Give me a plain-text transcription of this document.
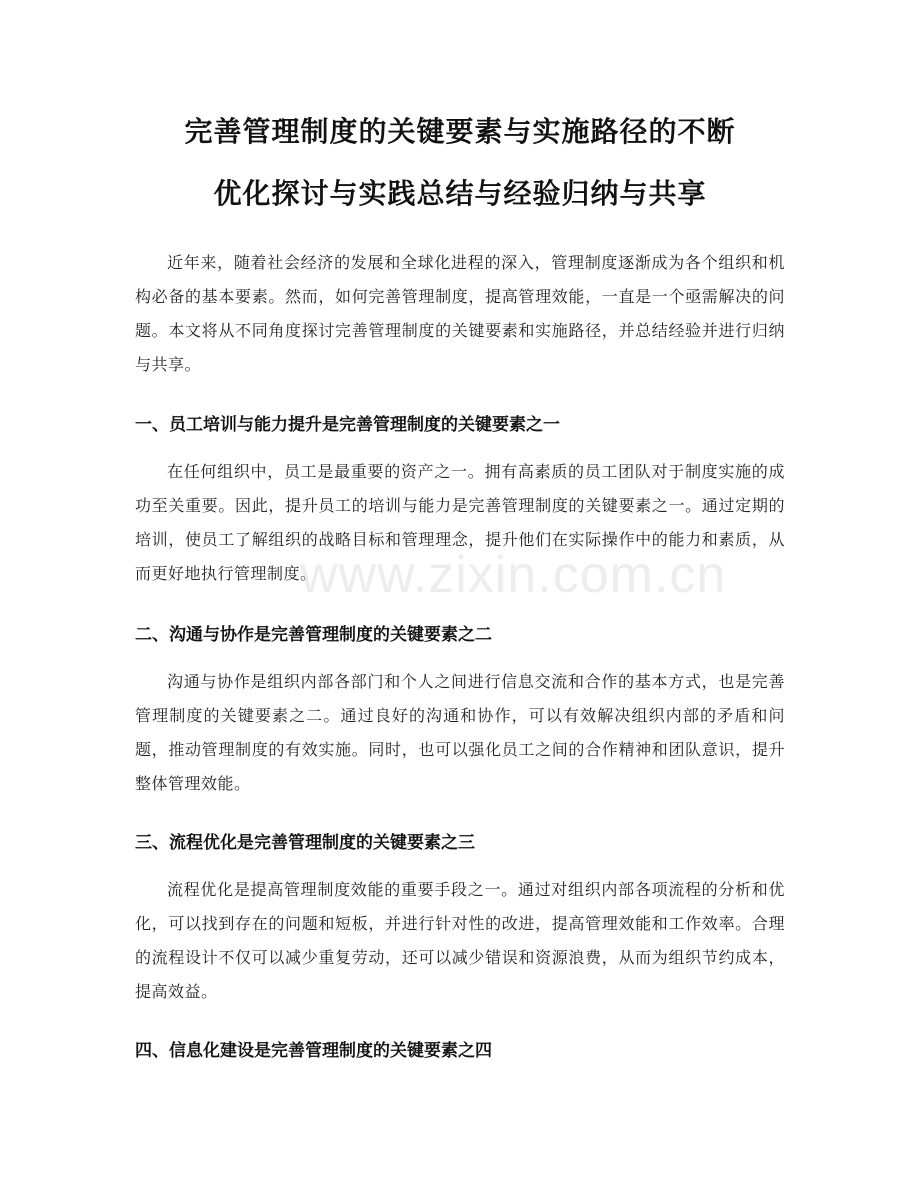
完善管理制度的关键要素与实施路径的不断
优化探讨与实践总结与经验归纳与共享

近年来，随着社会经济的发展和全球化进程的深入，管理制度逐渐成为各个组织和机构必备的基本要素。然而，如何完善管理制度，提高管理效能，一直是一个亟需解决的问题。本文将从不同角度探讨完善管理制度的关键要素和实施路径，并总结经验并进行归纳与共享。

一、员工培训与能力提升是完善管理制度的关键要素之一

在任何组织中，员工是最重要的资产之一。拥有高素质的员工团队对于制度实施的成功至关重要。因此，提升员工的培训与能力是完善管理制度的关键要素之一。通过定期的培训，使员工了解组织的战略目标和管理理念，提升他们在实际操作中的能力和素质，从而更好地执行管理制度。

二、沟通与协作是完善管理制度的关键要素之二

沟通与协作是组织内部各部门和个人之间进行信息交流和合作的基本方式，也是完善管理制度的关键要素之二。通过良好的沟通和协作，可以有效解决组织内部的矛盾和问题，推动管理制度的有效实施。同时，也可以强化员工之间的合作精神和团队意识，提升整体管理效能。

三、流程优化是完善管理制度的关键要素之三

流程优化是提高管理制度效能的重要手段之一。通过对组织内部各项流程的分析和优化，可以找到存在的问题和短板，并进行针对性的改进，提高管理效能和工作效率。合理的流程设计不仅可以减少重复劳动，还可以减少错误和资源浪费，从而为组织节约成本，提高效益。

四、信息化建设是完善管理制度的关键要素之四
www.zixin.com.cn
